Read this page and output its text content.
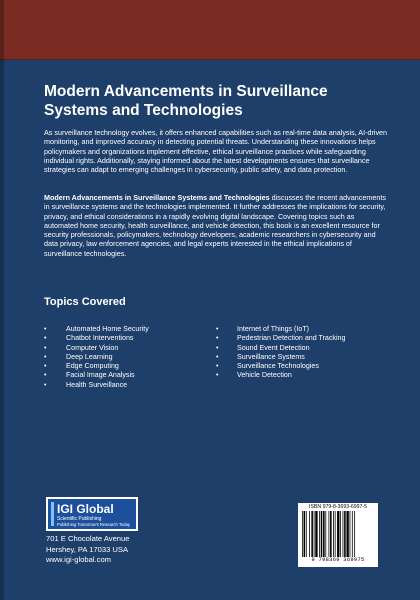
Modern Advancements in Surveillance Systems and Technologies

As surveillance technology evolves, it offers enhanced capabilities such as real-time data analysis, AI-driven monitoring, and improved accuracy in detecting potential threats. Understanding these innovations helps policymakers and organizations implement effective, ethical surveillance practices while safeguarding individual rights. Additionally, staying informed about the latest developments ensures that surveillance strategies can adapt to emerging challenges in cybersecurity, public safety, and data protection.

Modern Advancements in Surveillance Systems and Technologies discusses the recent advancements in surveillance systems and the technologies implemented. It further addresses the implications for security, privacy, and ethical considerations in a rapidly evolving digital landscape. Covering topics such as automated home security, health surveillance, and vehicle detection, this book is an excellent resource for security professionals, policymakers, technology developers, academic researchers in cybersecurity and data privacy, law enforcement agencies, and legal experts interested in the ethical implications of surveillance technologies.

Topics Covered
•	Automated Home Security
•	Chatbot Interventions
•	Computer Vision
•	Deep Learning
•	Edge Computing
•	Facial Image Analysis
•	Health Surveillance
•	Internet of Things (IoT)
•	Pedestrian Detection and Tracking
•	Sound Event Detection
•	Surveillance Systems
•	Surveillance Technologies
•	Vehicle Detection
IGI Global
Scientific Publishing
Publishing Tomorrow's Research Today
701 E Chocolate Avenue
Hershey, PA 17033 USA
www.igi-global.com
ISBN 979-8-3693-6997-5
9 798369 369975
